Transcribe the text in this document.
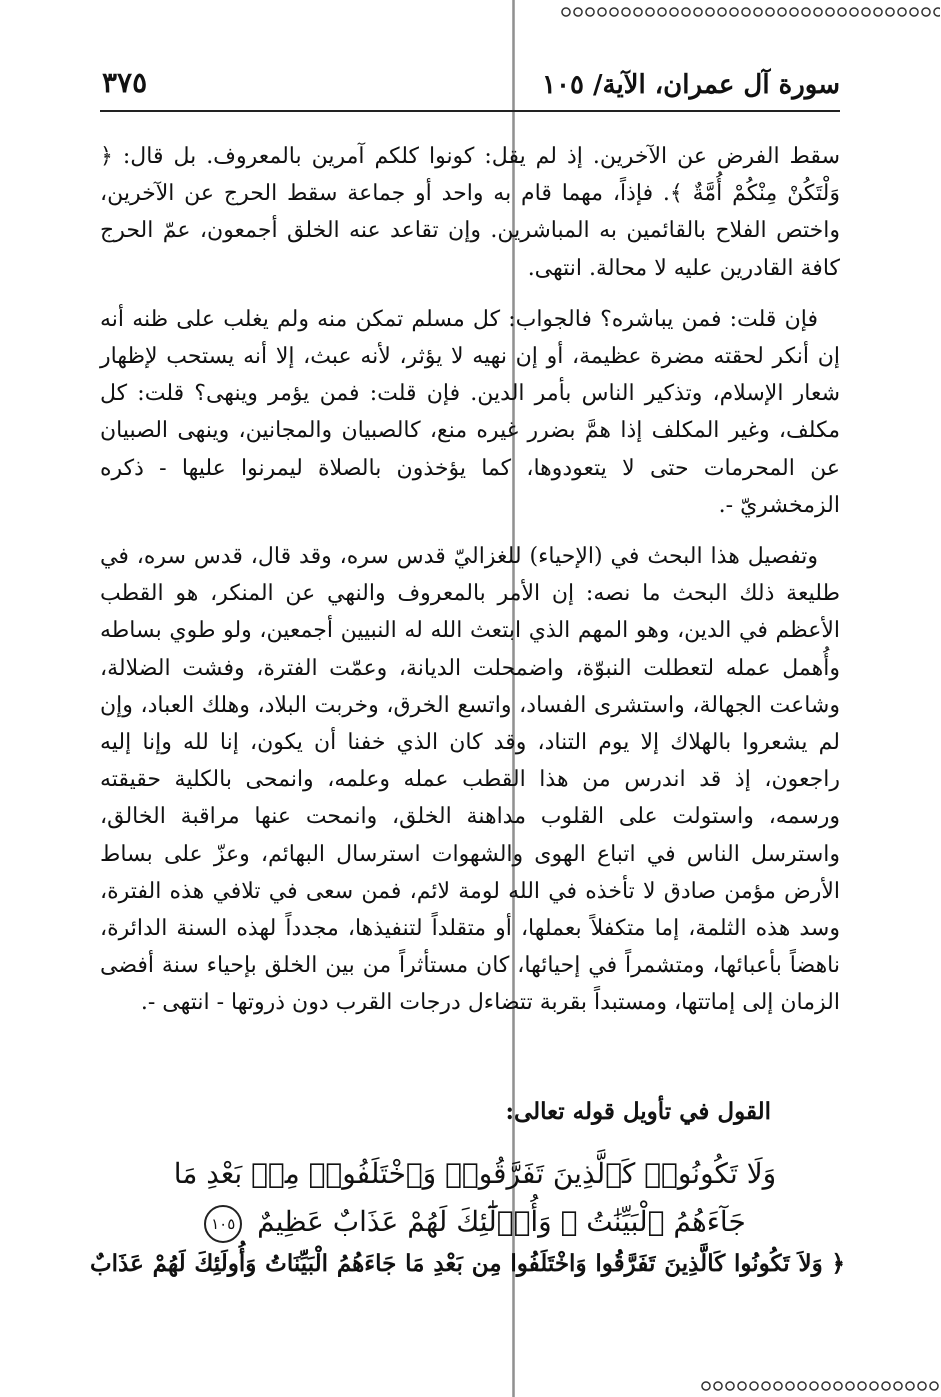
سورة آل عمران، الآية/ ١٠٥
٣٧٥

سقط الفرض عن الآخرين. إذ لم يقل: كونوا كلكم آمرين بالمعروف. بل قال: ﴿ وَلْتَكُنْ مِنْكُمْ أُمَّةٌ ﴾. فإذاً، مهما قام به واحد أو جماعة سقط الحرج عن الآخرين، واختص الفلاح بالقائمين به المباشرين. وإن تقاعد عنه الخلق أجمعون، عمّ الحرج كافة القادرين عليه لا محالة. انتهى.

فإن قلت: فمن يباشره؟ فالجواب: كل مسلم تمكن منه ولم يغلب على ظنه أنه إن أنكر لحقته مضرة عظيمة، أو إن نهيه لا يؤثر، لأنه عبث، إلا أنه يستحب لإظهار شعار الإسلام، وتذكير الناس بأمر الدين. فإن قلت: فمن يؤمر وينهى؟ قلت: كل مكلف، وغير المكلف إذا همَّ بضرر غيره منع، كالصبيان والمجانين، وينهى الصبيان عن المحرمات حتى لا يتعودوها، كما يؤخذون بالصلاة ليمرنوا عليها - ذكره الزمخشريّ -.

وتفصيل هذا البحث في (الإحياء) للغزاليّ قدس سره، وقد قال، قدس سره، في طليعة ذلك البحث ما نصه: إن الأمر بالمعروف والنهي عن المنكر، هو القطب الأعظم في الدين، وهو المهم الذي ابتعث الله له النبيين أجمعين، ولو طوي بساطه وأُهمل عمله لتعطلت النبوّة، واضمحلت الديانة، وعمّت الفترة، وفشت الضلالة، وشاعت الجهالة، واستشرى الفساد، واتسع الخرق، وخربت البلاد، وهلك العباد، وإن لم يشعروا بالهلاك إلا يوم التناد، وقد كان الذي خفنا أن يكون، إنا لله وإنا إليه راجعون، إذ قد اندرس من هذا القطب عمله وعلمه، وانمحى بالكلية حقيقته ورسمه، واستولت على القلوب مداهنة الخلق، وانمحت عنها مراقبة الخالق، واسترسل الناس في اتباع الهوى والشهوات استرسال البهائم، وعزّ على بساط الأرض مؤمن صادق لا تأخذه في الله لومة لائم، فمن سعى في تلافي هذه الفترة، وسد هذه الثلمة، إما متكفلاً بعملها، أو متقلداً لتنفيذها، مجدداً لهذه السنة الدائرة، ناهضاً بأعبائها، ومتشمراً في إحيائها، كان مستأثراً من بين الخلق بإحياء سنة أفضى الزمان إلى إماتتها، ومستبداً بقربة تتضاءل درجات القرب دون ذروتها - انتهى -.

القول في تأويل قوله تعالى:
وَلَا تَكُونُوا۟ كَٱلَّذِينَ تَفَرَّقُوا۟ وَٱخْتَلَفُوا۟ مِنۢ بَعْدِ مَا جَآءَهُمُ ٱلْبَيِّنَٰتُ ۚ وَأُو۟لَٰٓئِكَ لَهُمْ عَذَابٌ عَظِيمٌ ١٠٥
﴿ وَلاَ تَكُونُوا كَالَّذِينَ تَفَرَّقُوا وَاخْتَلَفُوا مِن بَعْدِ مَا جَاءَهُمُ الْبَيِّنَاتُ وَأُولَئِكَ لَهُمْ عَذَابٌ
